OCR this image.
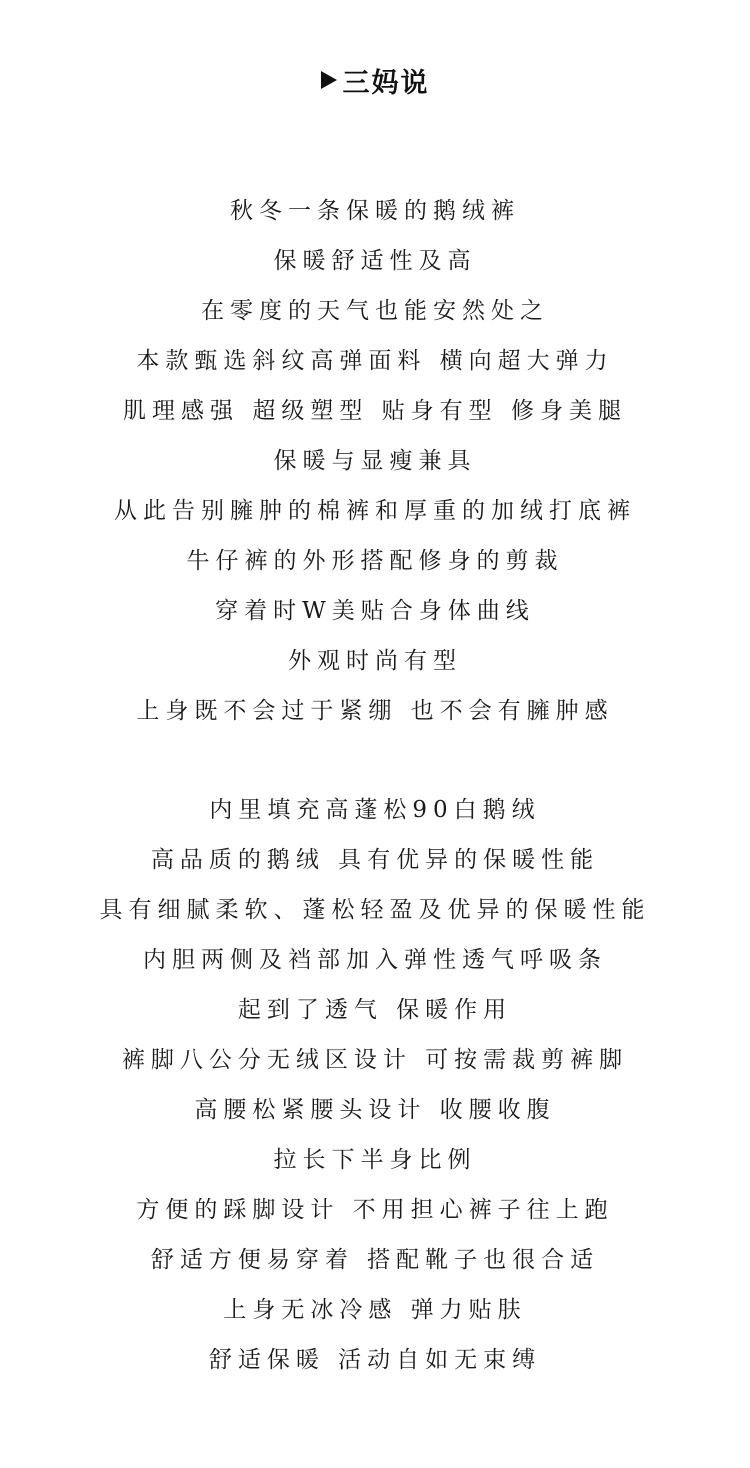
三妈说
秋冬一条保暖的鹅绒裤
保暖舒适性及高
在零度的天气也能安然处之
本款甄选斜纹高弹面料 横向超大弹力
肌理感强 超级塑型 贴身有型 修身美腿
保暖与显瘦兼具
从此告别臃肿的棉裤和厚重的加绒打底裤
牛仔裤的外形搭配修身的剪裁
穿着时W美贴合身体曲线
外观时尚有型
上身既不会过于紧绷 也不会有臃肿感
内里填充高蓬松90白鹅绒
高品质的鹅绒 具有优异的保暖性能
具有细腻柔软、蓬松轻盈及优异的保暖性能
内胆两侧及裆部加入弹性透气呼吸条
起到了透气 保暖作用
裤脚八公分无绒区设计 可按需裁剪裤脚
高腰松紧腰头设计 收腰收腹
拉长下半身比例
方便的踩脚设计 不用担心裤子往上跑
舒适方便易穿着 搭配靴子也很合适
上身无冰冷感 弹力贴肤
舒适保暖 活动自如无束缚
